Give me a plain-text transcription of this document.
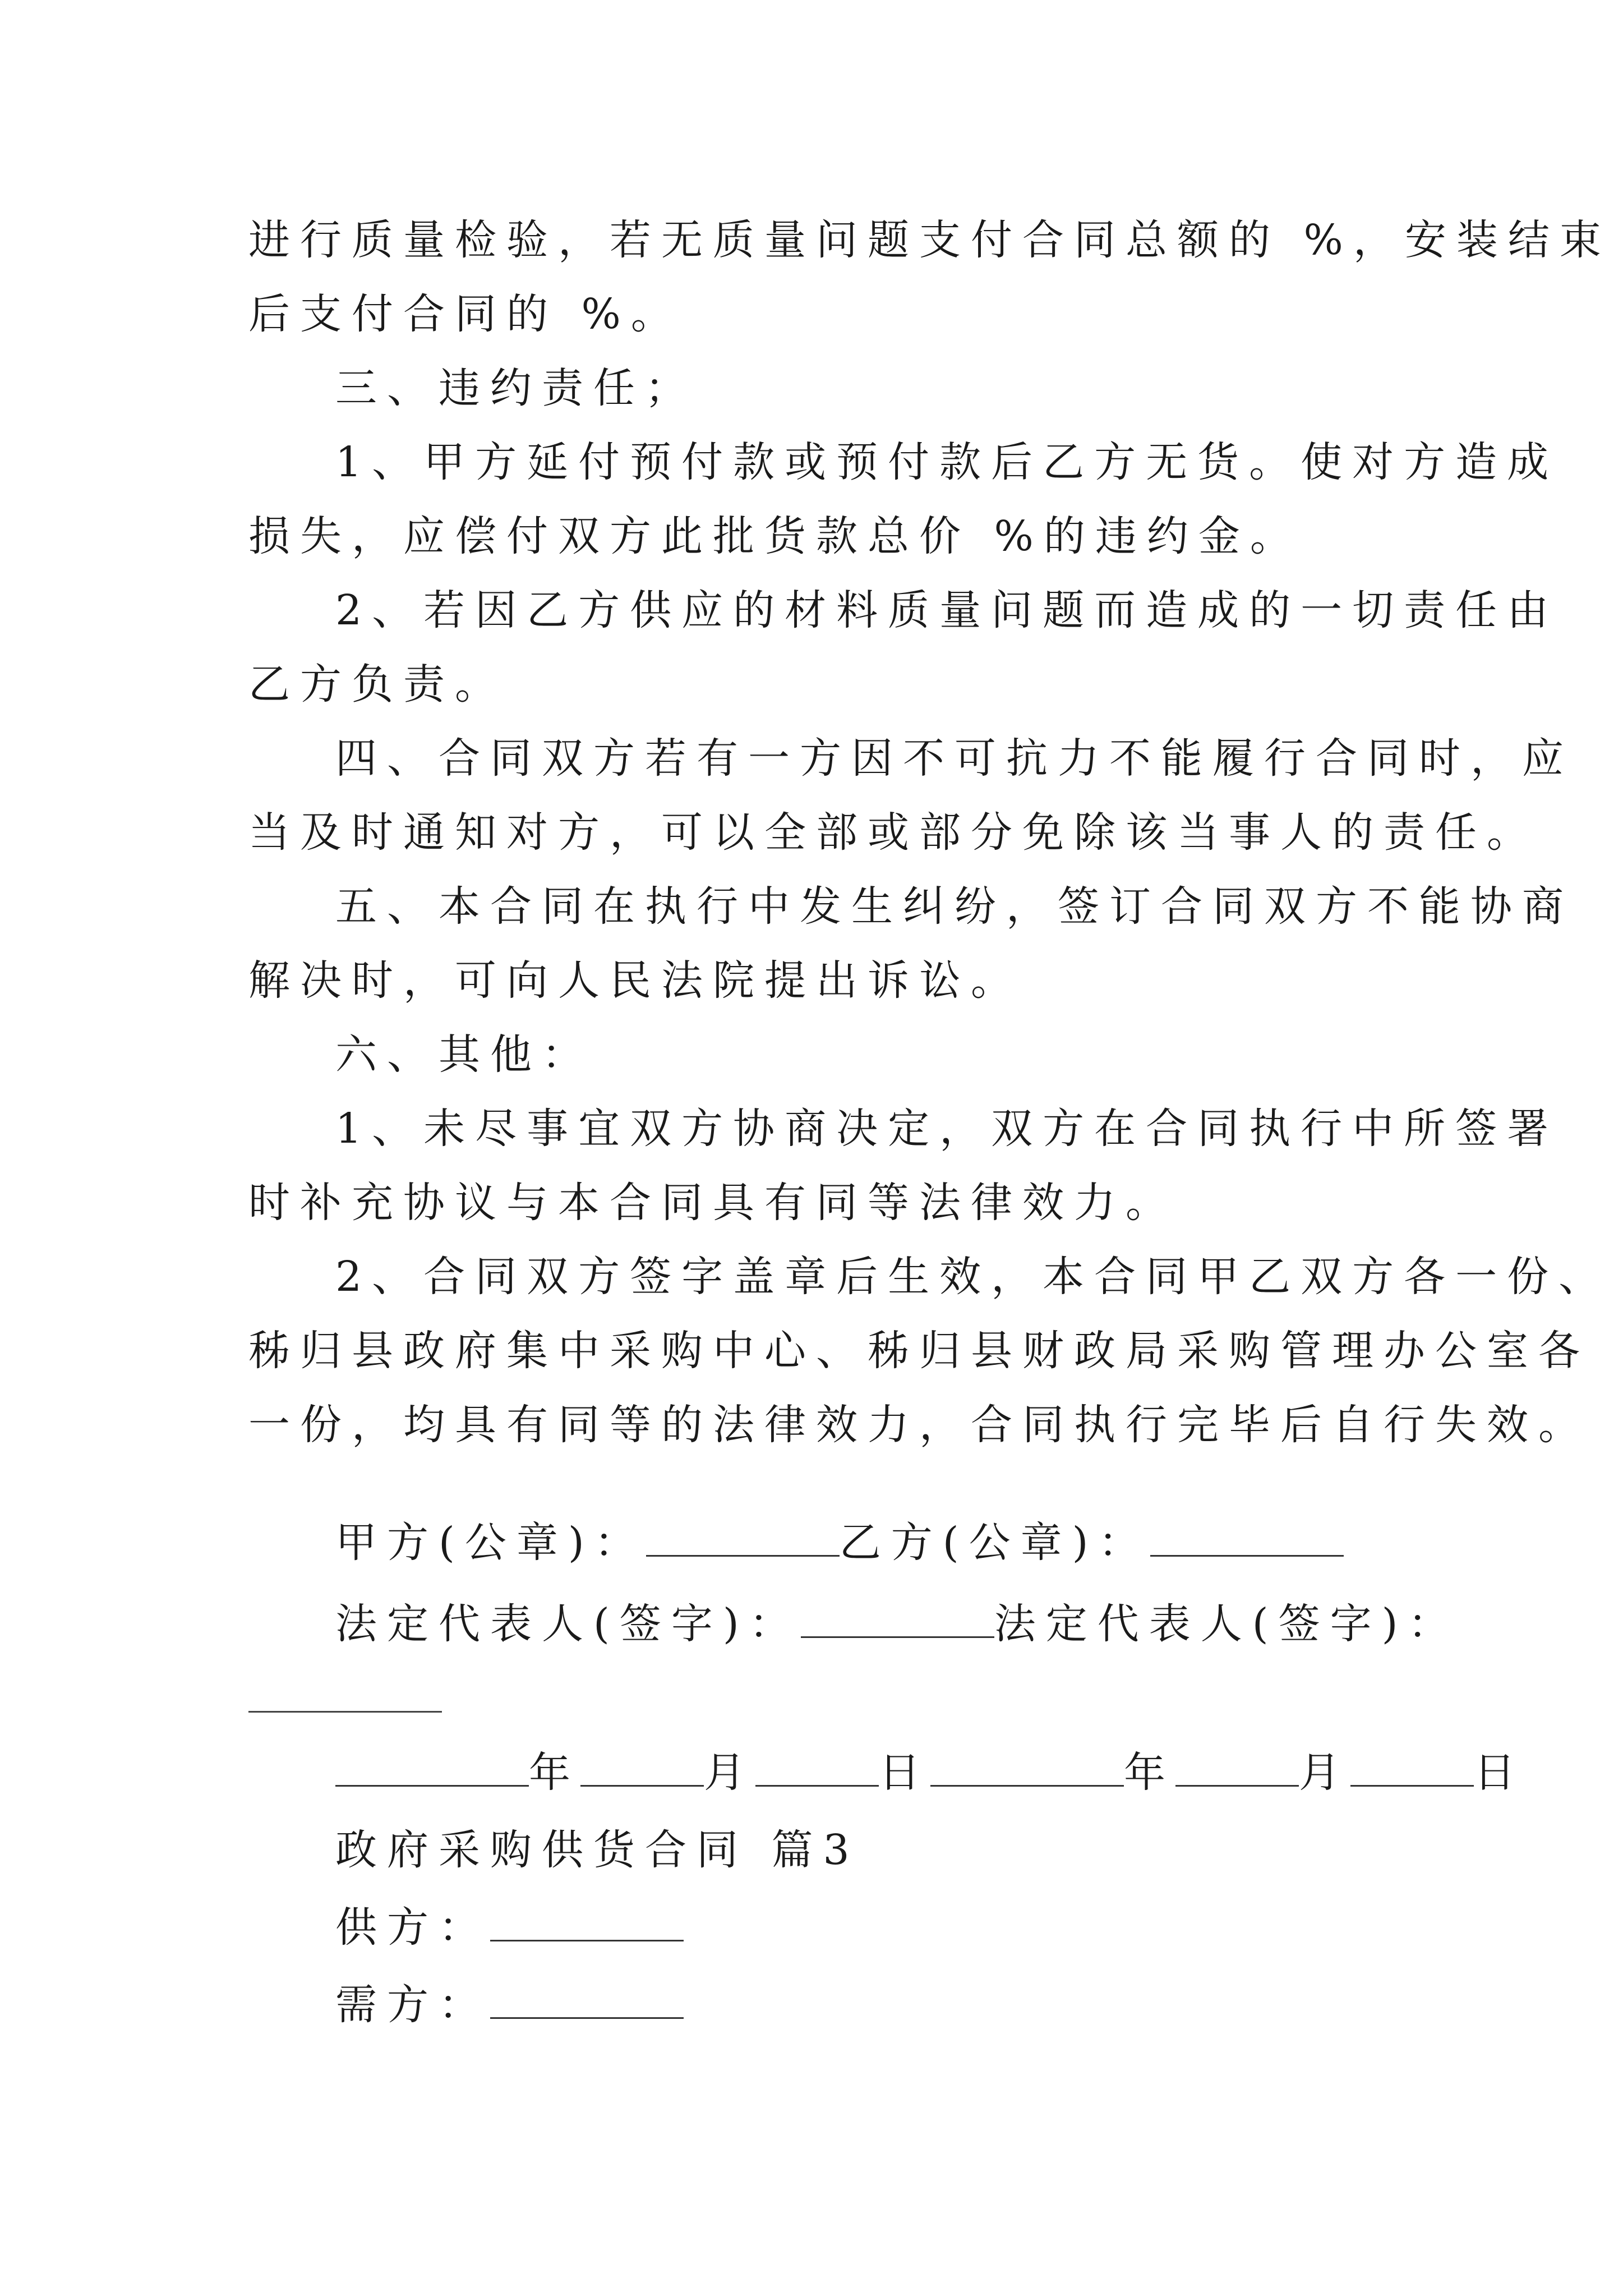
进行质量检验，若无质量问题支付合同总额的 %，安装结束
后支付合同的 %。
三、违约责任；
1、甲方延付预付款或预付款后乙方无货。使对方造成
损失，应偿付双方此批货款总价 %的违约金。
2、若因乙方供应的材料质量问题而造成的一切责任由
乙方负责。
四、合同双方若有一方因不可抗力不能履行合同时，应
当及时通知对方，可以全部或部分免除该当事人的责任。
五、本合同在执行中发生纠纷，签订合同双方不能协商
解决时，可向人民法院提出诉讼。
六、其他：
1、未尽事宜双方协商决定，双方在合同执行中所签署
时补充协议与本合同具有同等法律效力。
2、合同双方签字盖章后生效，本合同甲乙双方各一份、
秭归县政府集中采购中心、秭归县财政局采购管理办公室各
一份，均具有同等的法律效力，合同执行完毕后自行失效。
甲方(公章)：	乙方(公章)：
法定代表人(签字)：	法定代表人(签字)：
年	月	日	年	月	日
政府采购供货合同 篇3
供方：
需方：
